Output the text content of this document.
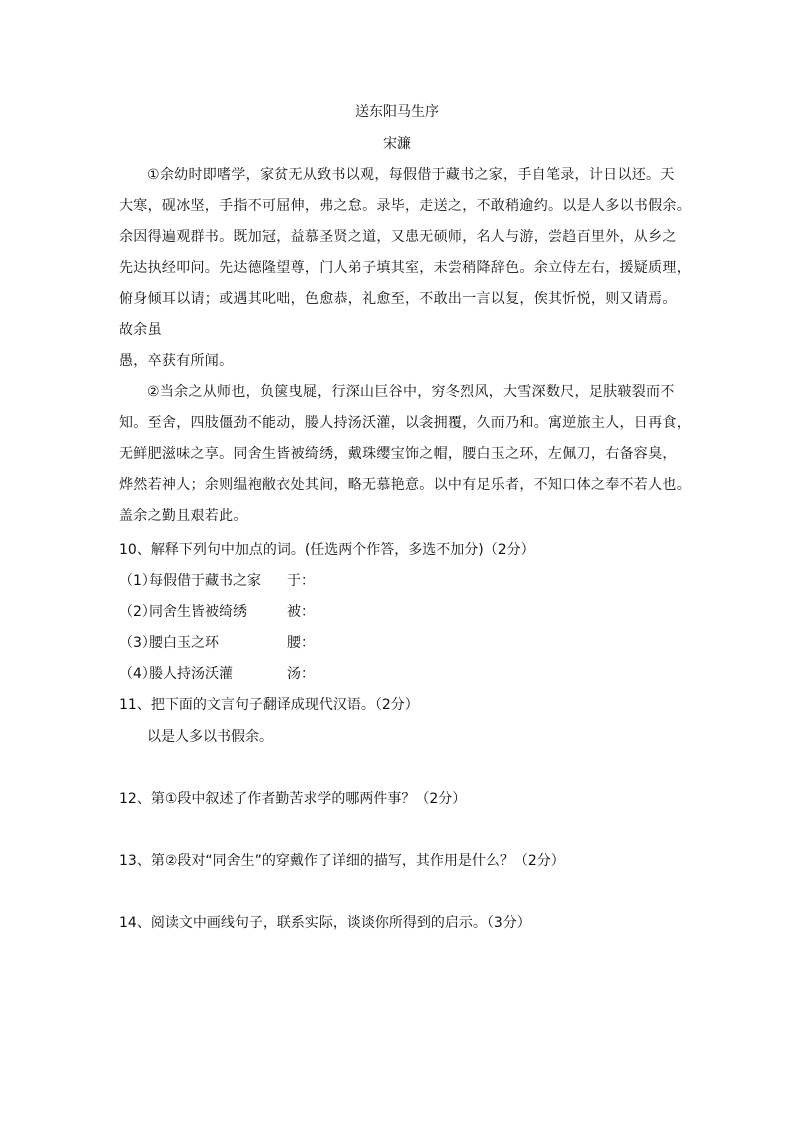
送东阳马生序
宋濂
①余幼时即嗜学，家贫无从致书以观，每假借于藏书之家，手自笔录，计日以还。天
大寒，砚冰坚，手指不可屈伸，弗之怠。录毕，走送之，不敢稍逾约。以是人多以书假余。
余因得遍观群书。既加冠，益慕圣贤之道，又患无硕师，名人与游，尝趋百里外，从乡之
先达执经叩问。先达德隆望尊，门人弟子填其室，未尝稍降辞色。余立侍左右，援疑质理，
俯身倾耳以请；或遇其叱咄，色愈恭，礼愈至，不敢出一言以复，俟其忻悦，则又请焉。
故余虽
愚，卒获有所闻。
②当余之从师也，负箧曳屣，行深山巨谷中，穷冬烈风，大雪深数尺，足肤皲裂而不
知。至舍，四肢僵劲不能动，媵人持汤沃灌，以衾拥覆，久而乃和。寓逆旅主人，日再食，
无鲜肥滋味之享。同舍生皆被绮绣，戴珠缨宝饰之帽，腰白玉之环，左佩刀，右备容臭，
烨然若神人；余则缊袍敝衣处其间，略无慕艳意。以中有足乐者，不知口体之奉不若人也。
盖余之勤且艰若此。
10、解释下列句中加点的词。(任选两个作答，多选不加分)（2分）
（1）每假借于藏书之家 于：
（2）同舍生皆被绮绣	被：
（3）腰白玉之环	腰：
（4）媵人持汤沃灌	汤：
11、把下面的文言句子翻译成现代汉语。（2分）
以是人多以书假余。
12、第①段中叙述了作者勤苦求学的哪两件事？（2分）
13、第②段对“同舍生”的穿戴作了详细的描写，其作用是什么？（2分）
14、阅读文中画线句子，联系实际，谈谈你所得到的启示。（3分）
